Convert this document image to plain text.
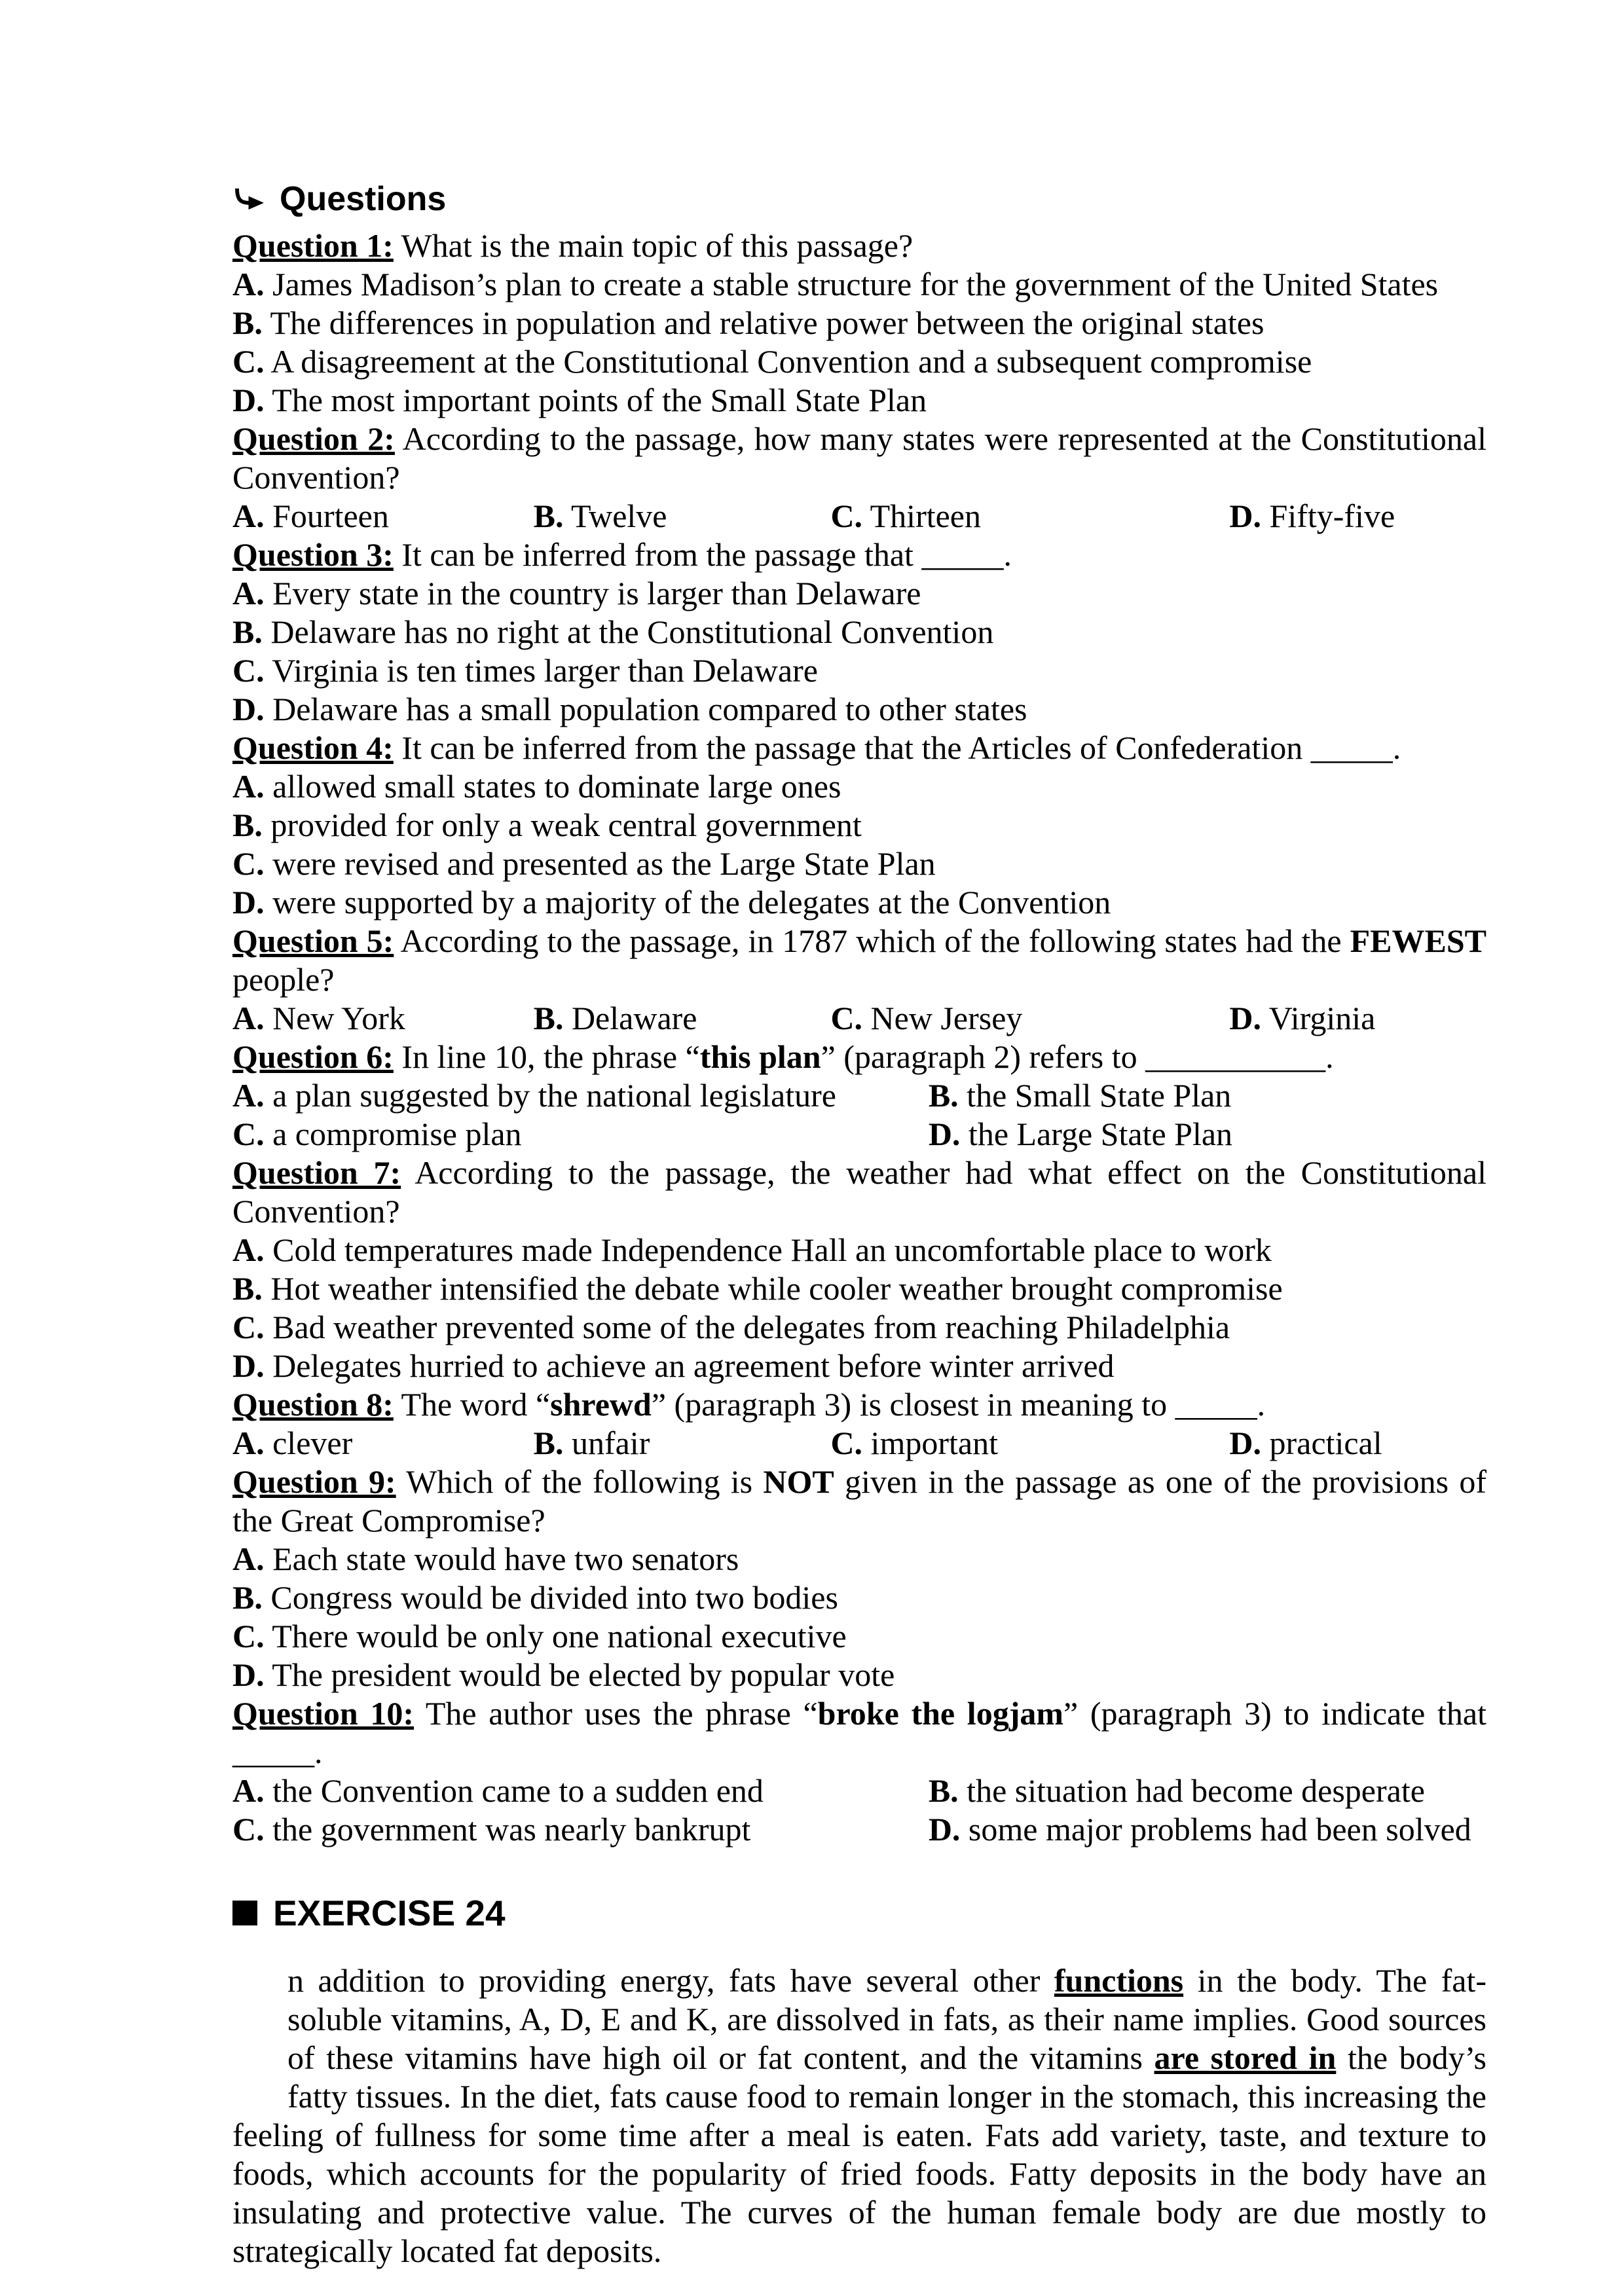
Questions

Question 1: What is the main topic of this passage?

A. James Madison’s plan to create a stable structure for the government of the United States

B. The differences in population and relative power between the original states

C. A disagreement at the Constitutional Convention and a subsequent compromise

D. The most important points of the Small State Plan

Question 2: According to the passage, how many states were represented at the Constitutional Convention?

A. Fourteen	B. Twelve	C. Thirteen	D. Fifty-five

Question 3: It can be inferred from the passage that _____.

A. Every state in the country is larger than Delaware

B. Delaware has no right at the Constitutional Convention

C. Virginia is ten times larger than Delaware

D. Delaware has a small population compared to other states

Question 4: It can be inferred from the passage that the Articles of Confederation _____.

A. allowed small states to dominate large ones

B. provided for only a weak central government

C. were revised and presented as the Large State Plan

D. were supported by a majority of the delegates at the Convention

Question 5: According to the passage, in 1787 which of the following states had the FEWEST people?

A. New York	B. Delaware	C. New Jersey	D. Virginia

Question 6: In line 10, the phrase “this plan” (paragraph 2) refers to ___________.

A. a plan suggested by the national legislature	B. the Small State Plan
C. a compromise plan	D. the Large State Plan

Question 7: According to the passage, the weather had what effect on the Constitutional Convention?

A. Cold temperatures made Independence Hall an uncomfortable place to work

B. Hot weather intensified the debate while cooler weather brought compromise

C. Bad weather prevented some of the delegates from reaching Philadelphia

D. Delegates hurried to achieve an agreement before winter arrived

Question 8: The word “shrewd” (paragraph 3) is closest in meaning to _____.

A. clever	B. unfair	C. important	D. practical

Question 9: Which of the following is NOT given in the passage as one of the provisions of the Great Compromise?

A. Each state would have two senators

B. Congress would be divided into two bodies

C. There would be only one national executive

D. The president would be elected by popular vote

Question 10: The author uses the phrase “broke the logjam” (paragraph 3) to indicate that _____.

A. the Convention came to a sudden end	B. the situation had become desperate
C. the government was nearly bankrupt	D. some major problems had been solved
EXERCISE 24
n addition to providing energy, fats have several other functions in the body. The fat-soluble vitamins, A, D, E and K, are dissolved in fats, as their name implies. Good sources of these vitamins have high oil or fat content, and the vitamins are stored in the body’s fatty tissues. In the diet, fats cause food to remain longer in the stomach, this increasing the feeling of fullness for some time after a meal is eaten. Fats add variety, taste, and texture to foods, which accounts for the popularity of fried foods. Fatty deposits in the body have an insulating and protective value. The curves of the human female body are due mostly to strategically located fat deposits.
